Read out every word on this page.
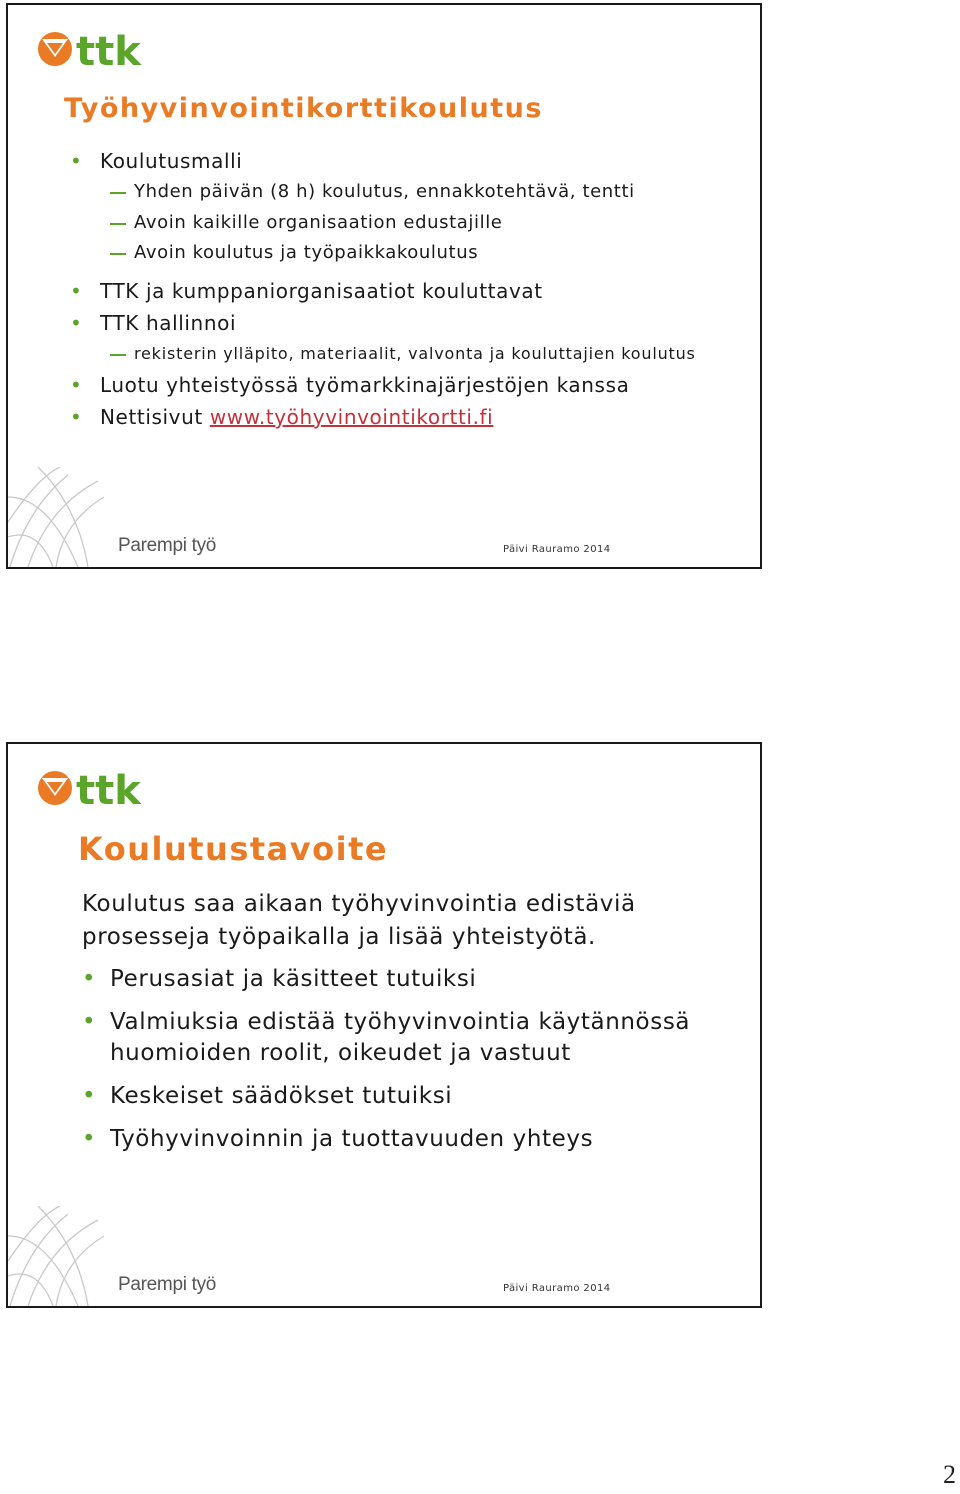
ttk
Työhyvinvointikorttikoulutus
• Koulutusmalli
Yhden päivän (8 h) koulutus, ennakkotehtävä, tentti
Avoin kaikille organisaation edustajille
Avoin koulutus ja työpaikkakoulutus
• TTK ja kumppaniorganisaatiot kouluttavat
• TTK hallinnoi
rekisterin ylläpito, materiaalit, valvonta ja kouluttajien koulutus
• Luotu yhteistyössä työmarkkinajärjestöjen kanssa
• Nettisivut www.työhyvinvointikortti.fi
Parempi työ	Päivi Rauramo 2014
ttk
Koulutustavoite
Koulutus saa aikaan työhyvinvointia edistäviä
prosesseja työpaikalla ja lisää yhteistyötä.
• Perusasiat ja käsitteet tutuiksi
• Valmiuksia edistää työhyvinvointia käytännössä
huomioiden roolit, oikeudet ja vastuut
• Keskeiset säädökset tutuiksi
• Työhyvinvoinnin ja tuottavuuden yhteys
Parempi työ	Päivi Rauramo 2014
2
